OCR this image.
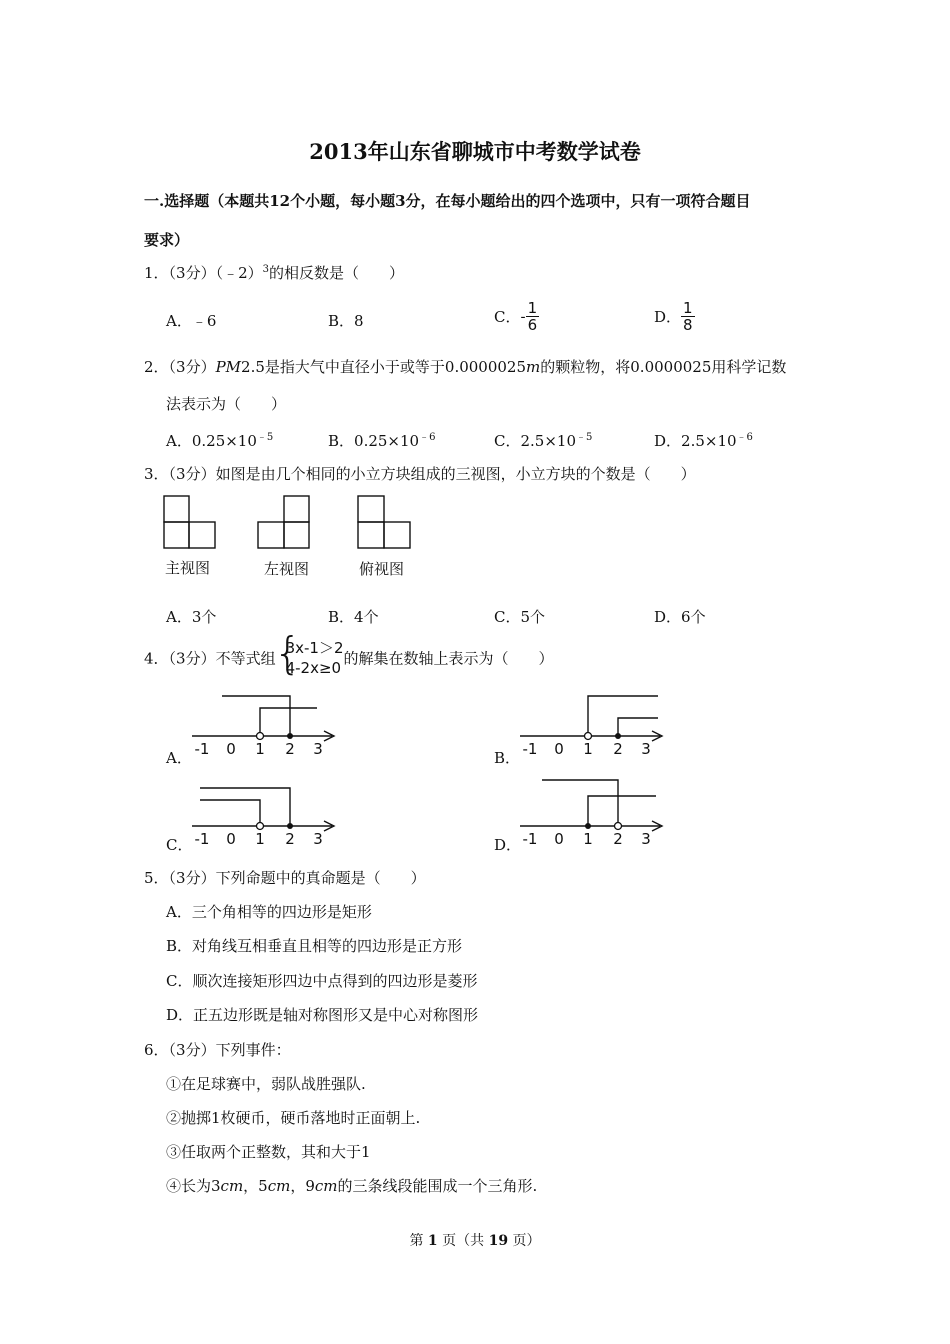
2013年山东省聊城市中考数学试卷
一.选择题（本题共12个小题，每小题3分，在每小题给出的四个选项中，只有一项符合题目
要求）
1．（3分）（﹣2）$^3$的相反数是（　　）
A．﹣6	B．8	C．- $\frac{1}{6}$	D． $\frac{1}{8}$
2．（3分）PM2.5是指大气中直径小于或等于0.0000025m的颗粒物，将0.0000025用科学记数
法表示为（　　）
A．$0.25\times 10^{﹣5}$	B．$0.25\times 10^{﹣6}$	C．$2.5\times 10^{﹣5}$	D．$2.5\times 10^{﹣6}$
3．（3分）如图是由几个相同的小立方块组成的三视图，小立方块的个数是（　　）
主视图	左视图	俯视图
A．3个	B．4个	C．5个	D．6个
4．（3分）不等式组
{ 3x-1＞2
4-2x≥0
的解集在数轴上表示为（　　）
A． -1 0 1 2 3	B． -1 0 1 2 3
C． -1 0 1 2 3	D． -1 0 1 2 3
5．（3分）下列命题中的真命题是（　　）
A．三个角相等的四边形是矩形
B．对角线互相垂直且相等的四边形是正方形
C．顺次连接矩形四边中点得到的四边形是菱形
D．正五边形既是轴对称图形又是中心对称图形
6．（3分）下列事件：
①在足球赛中，弱队战胜强队.
②抛掷1枚硬币，硬币落地时正面朝上.
③任取两个正整数，其和大于1
④长为3cm，5cm，9cm的三条线段能围成一个三角形.
第 1 页（共 19 页）
